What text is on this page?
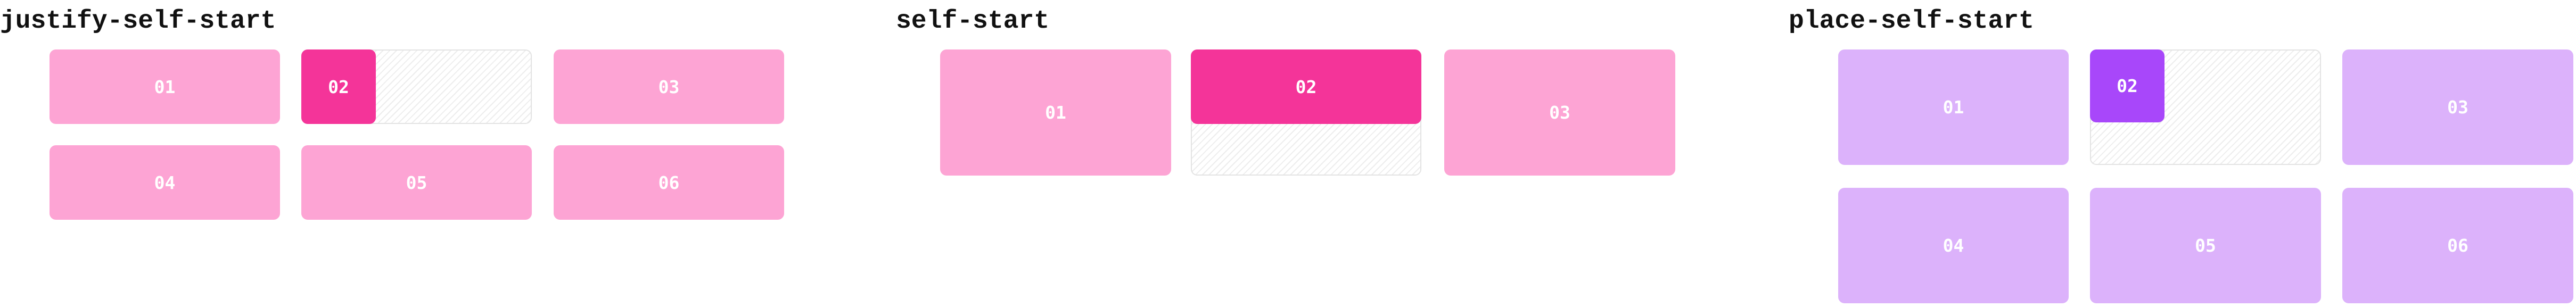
justify-self-start
01	02	03
04	05	06
self-start
01
02
03
place-self-start
01
02
03
04	05	06
